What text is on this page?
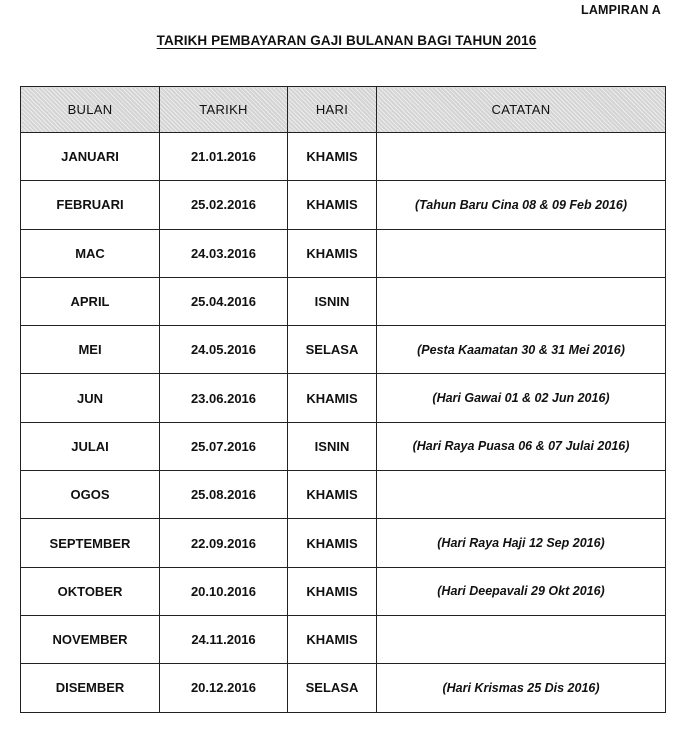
LAMPIRAN A
TARIKH PEMBAYARAN GAJI BULANAN BAGI TAHUN 2016
BULAN	TARIKH	HARI	CATATAN
JANUARI	21.01.2016	KHAMIS	
FEBRUARI	25.02.2016	KHAMIS	(Tahun Baru Cina 08 & 09 Feb 2016)
MAC	24.03.2016	KHAMIS	
APRIL	25.04.2016	ISNIN	
MEI	24.05.2016	SELASA	(Pesta Kaamatan 30 & 31 Mei 2016)
JUN	23.06.2016	KHAMIS	(Hari Gawai 01 & 02 Jun 2016)
JULAI	25.07.2016	ISNIN	(Hari Raya Puasa 06 & 07 Julai 2016)
OGOS	25.08.2016	KHAMIS	
SEPTEMBER	22.09.2016	KHAMIS	(Hari Raya Haji 12 Sep 2016)
OKTOBER	20.10.2016	KHAMIS	(Hari Deepavali 29 Okt 2016)
NOVEMBER	24.11.2016	KHAMIS	
DISEMBER	20.12.2016	SELASA	(Hari Krismas 25 Dis 2016)
